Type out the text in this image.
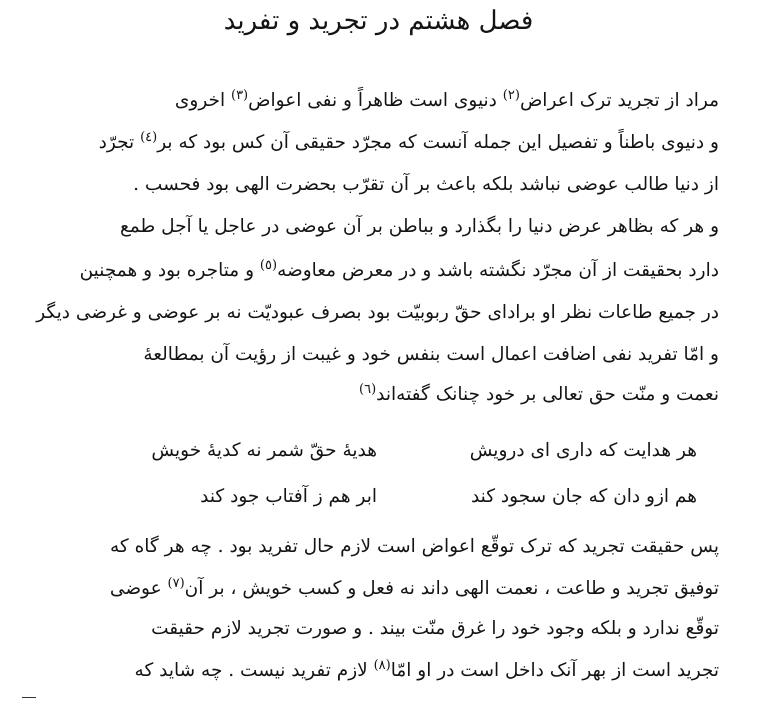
فصل هشتم در تجرید و تفرید
مراد از تجرید ترک اعراض$^{(۲)}$ دنیوی است ظاهراً و نفی اعواض$^{(۳)}$ اخروی
و دنیوی باطناً و تفصیل این جمله آنست که مجرّد حقیقی آن کس بود که بر$^{(٤)}$ تجرّد
از دنیا طالب عوضی نباشد بلکه باعث بر آن تقرّب بحضرت الهی بود فحسب .
و هر که بظاهر عرض دنیا را بگذارد و بباطن بر آن عوضی در عاجل یا آجل طمع
دارد بحقیقت از آن مجرّد نگشته باشد و در معرض معاوضه$^{(٥)}$ و متاجره بود و همچنین
در جمیع طاعات نظر او برادای حقّ ربوبیّت بود بصرف عبودیّت نه بر عوضی و غرضی دیگر
و امّا تفرید نفی اضافت اعمال است بنفس خود و غیبت از رؤیت آن بمطالعهٔ
نعمت و منّت حق تعالی بر خود چنانک گفته‌اند$^{(٦)}$
هر هدایت که داری ای درویش
هدیهٔ حقّ شمر نه کدیهٔ خویش
هم ازو دان که جان سجود کند
ابر هم ز آفتاب جود کند
پس حقیقت تجرید که ترک توقّع اعواض است لازم حال تفرید بود . چه هر گاه که
توفیق تجرید و طاعت ، نعمت الهی داند نه فعل و کسب خویش ، بر آن$^{(۷)}$ عوضی
توقّع ندارد و بلکه وجود خود را غرق منّت بیند . و صورت تجرید لازم حقیقت
تجرید است از بهر آنک داخل است در او امّا$^{(۸)}$ لازم تفرید نیست . چه شاید که
